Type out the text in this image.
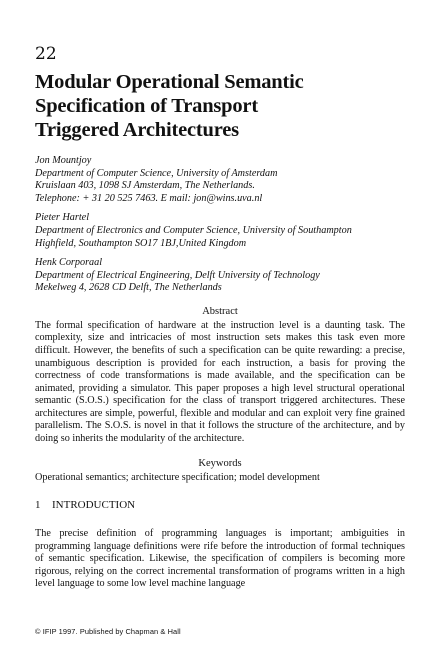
22
Modular Operational Semantic
Specification of Transport
Triggered Architectures
Jon Mountjoy
Department of Computer Science, University of Amsterdam
Kruislaan 403, 1098 SJ Amsterdam, The Netherlands.
Telephone: + 31 20 525 7463. E mail: jon@wins.uva.nl
Pieter Hartel
Department of Electronics and Computer Science, University of Southampton
Highfield, Southampton SO17 1BJ,United Kingdom
Henk Corporaal
Department of Electrical Engineering, Delft University of Technology
Mekelweg 4, 2628 CD Delft, The Netherlands
Abstract

The formal specification of hardware at the instruction level is a daunting task. The complexity, size and intricacies of most instruction sets makes this task even more difficult. However, the benefits of such a specification can be quite rewarding: a precise, unambiguous description is provided for each instruction, a basis for proving the correctness of code transformations is made available, and the specification can be animated, providing a simulator. This paper proposes a high level structural operational semantic (S.O.S.) specification for the class of transport triggered architectures. These architectures are simple, powerful, flexible and modular and can exploit very fine grained parallelism. The S.O.S. is novel in that it follows the structure of the architecture, and by doing so inherits the modularity of the architecture.

Keywords

Operational semantics; architecture specification; model development

1 INTRODUCTION

The precise definition of programming languages is important; ambiguities in programming language definitions were rife before the introduction of formal techniques of semantic specification. Likewise, the specification of compilers is becoming more rigorous, relying on the correct incremental transformation of programs written in a high level language to some low level machine language

© IFIP 1997. Published by Chapman & Hall
